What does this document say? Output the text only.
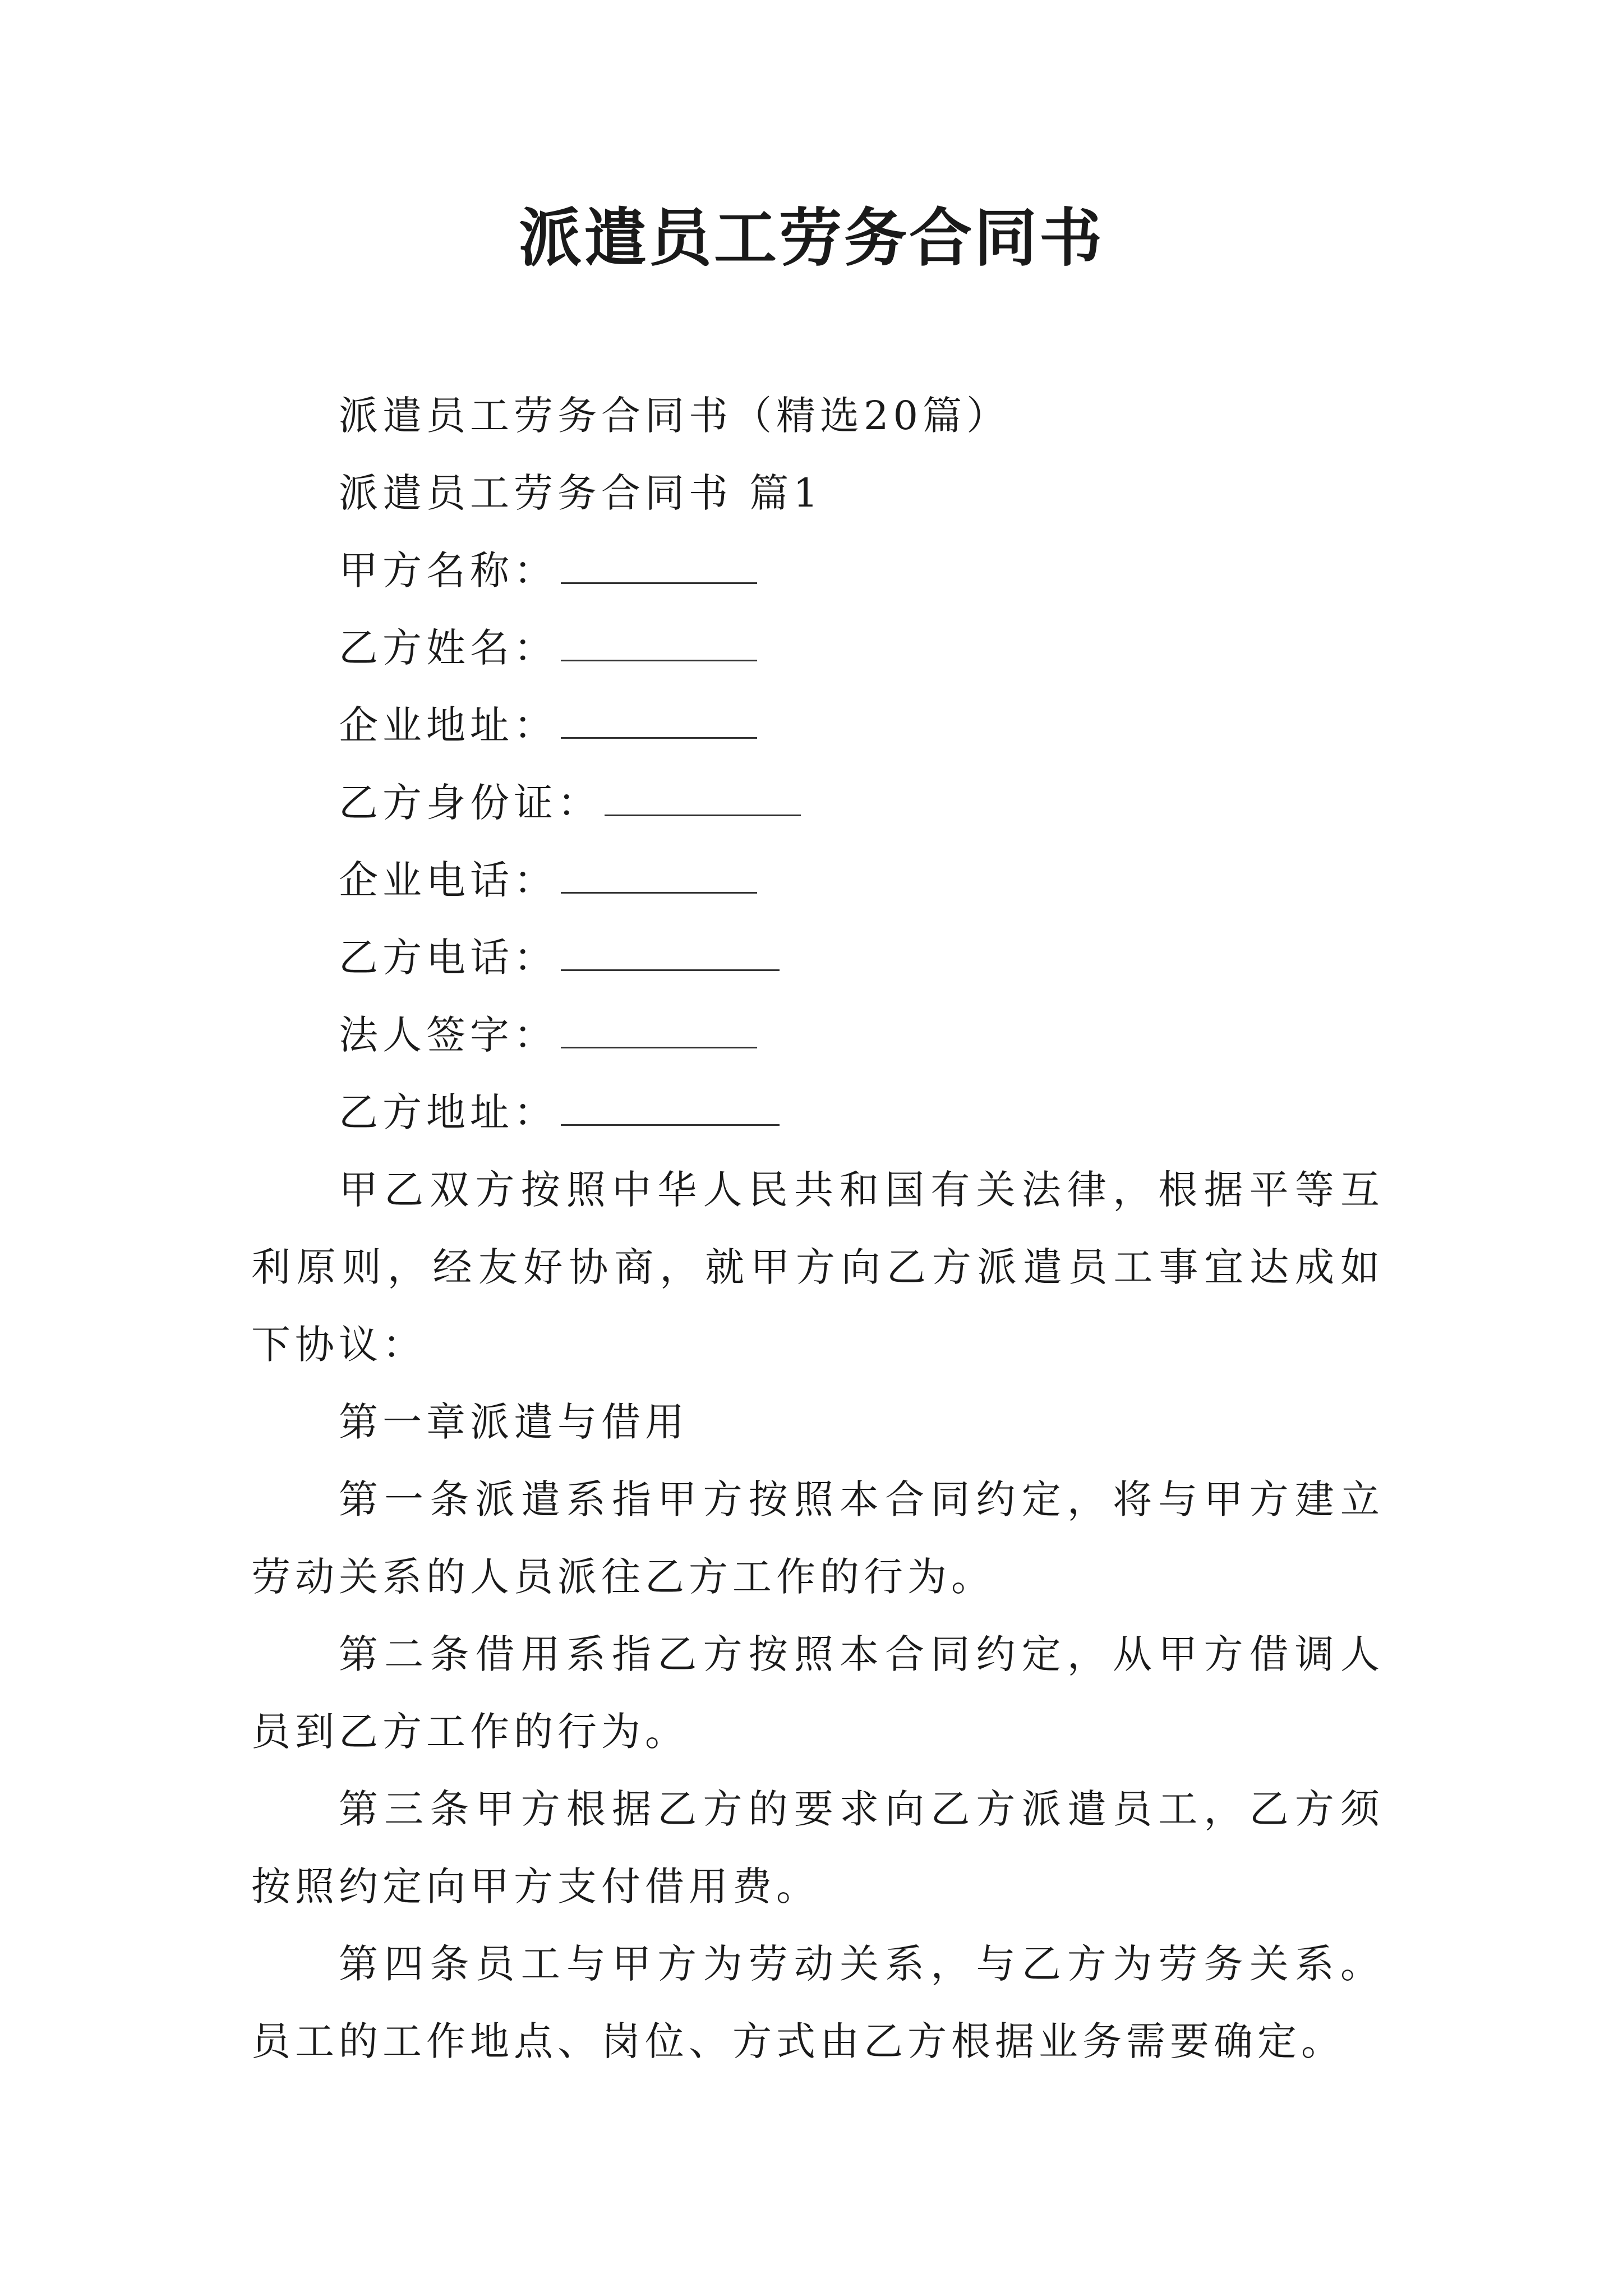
派遣员工劳务合同书
派遣员工劳务合同书（精选20篇）
派遣员工劳务合同书 篇1
甲方名称：
乙方姓名：
企业地址：
乙方身份证：
企业电话：
乙方电话：
法人签字：
乙方地址：

甲乙双方按照中华人民共和国有关法律，根据平等互利原则，经友好协商，就甲方向乙方派遣员工事宜达成如下协议：

第一章派遣与借用

第一条派遣系指甲方按照本合同约定，将与甲方建立劳动关系的人员派往乙方工作的行为。

第二条借用系指乙方按照本合同约定，从甲方借调人员到乙方工作的行为。

第三条甲方根据乙方的要求向乙方派遣员工，乙方须按照约定向甲方支付借用费。

第四条员工与甲方为劳动关系，与乙方为劳务关系。员工的工作地点、岗位、方式由乙方根据业务需要确定。
